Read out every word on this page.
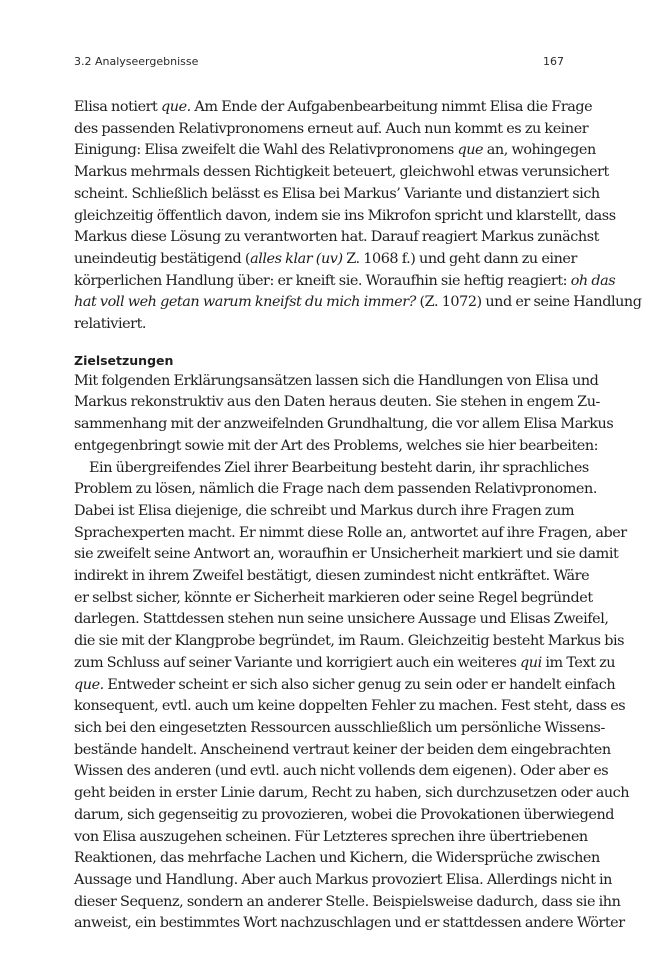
3.2 Analyseergebnisse	167

Elisa notiert que. Am Ende der Aufgabenbearbeitung nimmt Elisa die Frage
des passenden Relativpronomens erneut auf. Auch nun kommt es zu keiner
Einigung: Elisa zweifelt die Wahl des Relativpronomens que an, wohingegen
Markus mehrmals dessen Richtigkeit beteuert, gleichwohl etwas verunsichert
scheint. Schließlich belässt es Elisa bei Markus’ Variante und distanziert sich
gleichzeitig öffentlich davon, indem sie ins Mikrofon spricht und klarstellt, dass
Markus diese Lösung zu verantworten hat. Darauf reagiert Markus zunächst
uneindeutig bestätigend (alles klar (uv) Z. 1068 f.) und geht dann zu einer
körperlichen Handlung über: er kneift sie. Woraufhin sie heftig reagiert: oh das
hat voll weh getan warum kneifst du mich immer? (Z. 1072) und er seine Handlung
relativiert.

Zielsetzungen

Mit folgenden Erklärungsansätzen lassen sich die Handlungen von Elisa und
Markus rekonstruktiv aus den Daten heraus deuten. Sie stehen in engem Zu-
sammenhang mit der anzweifelnden Grundhaltung, die vor allem Elisa Markus
entgegenbringt sowie mit der Art des Problems, welches sie hier bearbeiten:

Ein übergreifendes Ziel ihrer Bearbeitung besteht darin, ihr sprachliches
Problem zu lösen, nämlich die Frage nach dem passenden Relativpronomen.
Dabei ist Elisa diejenige, die schreibt und Markus durch ihre Fragen zum
Sprachexperten macht. Er nimmt diese Rolle an, antwortet auf ihre Fragen, aber
sie zweifelt seine Antwort an, woraufhin er Unsicherheit markiert und sie damit
indirekt in ihrem Zweifel bestätigt, diesen zumindest nicht entkräftet. Wäre
er selbst sicher, könnte er Sicherheit markieren oder seine Regel begründet
darlegen. Stattdessen stehen nun seine unsichere Aussage und Elisas Zweifel,
die sie mit der Klangprobe begründet, im Raum. Gleichzeitig besteht Markus bis
zum Schluss auf seiner Variante und korrigiert auch ein weiteres qui im Text zu
que. Entweder scheint er sich also sicher genug zu sein oder er handelt einfach
konsequent, evtl. auch um keine doppelten Fehler zu machen. Fest steht, dass es
sich bei den eingesetzten Ressourcen ausschließlich um persönliche Wissens-
bestände handelt. Anscheinend vertraut keiner der beiden dem eingebrachten
Wissen des anderen (und evtl. auch nicht vollends dem eigenen). Oder aber es
geht beiden in erster Linie darum, Recht zu haben, sich durchzusetzen oder auch
darum, sich gegenseitig zu provozieren, wobei die Provokationen überwiegend
von Elisa auszugehen scheinen. Für Letzteres sprechen ihre übertriebenen
Reaktionen, das mehrfache Lachen und Kichern, die Widersprüche zwischen
Aussage und Handlung. Aber auch Markus provoziert Elisa. Allerdings nicht in
dieser Sequenz, sondern an anderer Stelle. Beispielsweise dadurch, dass sie ihn
anweist, ein bestimmtes Wort nachzuschlagen und er stattdessen andere Wörter
